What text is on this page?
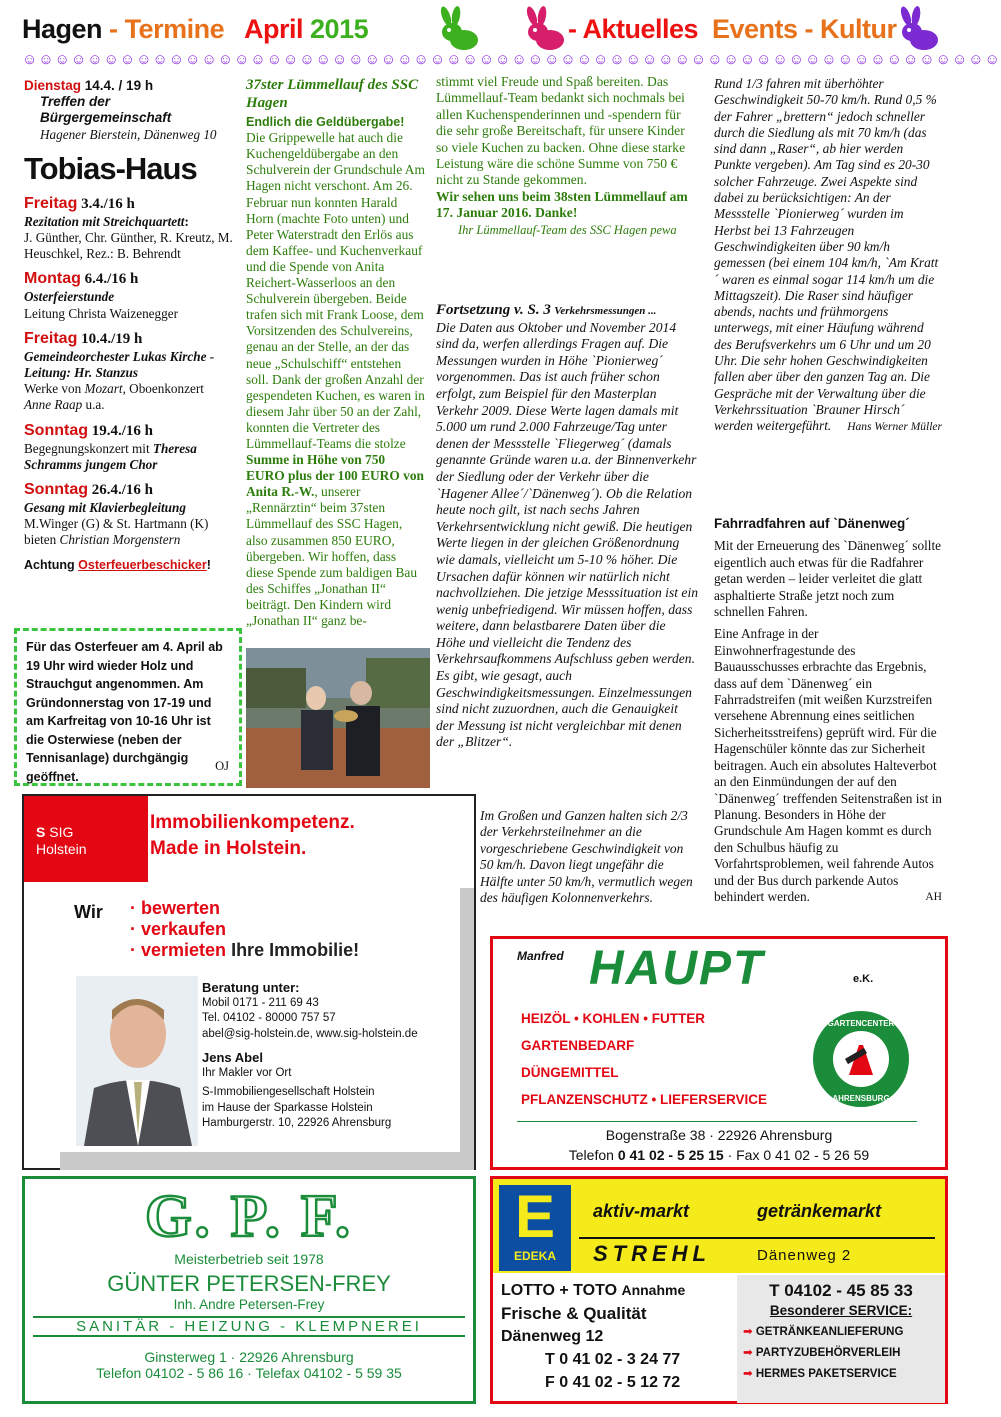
Hagen - Termine April 2015	- Aktuelles Events - Kultur
☺☺☺☺☺☺☺☺☺☺☺☺☺☺☺☺☺☺☺☺☺☺☺☺☺☺☺☺☺☺☺☺☺☺☺☺☺☺☺☺☺☺☺☺☺☺☺☺☺☺☺☺☺☺☺☺☺☺☺☺
Dienstag 14.4. / 19 h
Treffen der Bürgergemeinschaft
Hagener Bierstein, Dänenweg 10
Tobias-Haus
Freitag 3.4./16 h
Rezitation mit Streichquartett:
J. Günther, Chr. Günther, R. Kreutz, M. Heuschkel, Rez.: B. Behrendt
Montag 6.4./16 h
Osterfeierstunde
Leitung Christa Waizenegger
Freitag 10.4./19 h
Gemeindeorchester Lukas Kirche - Leitung: Hr. Stanzus
Werke von Mozart, Oboenkonzert
Anne Raap u.a.
Sonntag 19.4./16 h
Begegnungskonzert mit Theresa Schramms jungem Chor
Sonntag 26.4./16 h
Gesang mit Klavierbegleitung
M.Winger (G) & St. Hartmann (K) bieten Christian Morgenstern
Achtung Osterfeuerbeschicker!
Für das Osterfeuer am 4. April ab 19 Uhr wird wieder Holz und Strauchgut angenommen. Am Gründonnerstag von 17-19 und am Karfreitag von 10-16 Uhr ist die Osterwiese (neben der Tennisanlage) durchgängig geöffnet.
OJ
37ster Lümmellauf des SSC Hagen
Endlich die Geldübergabe!
Die Grippewelle hat auch die Kuchengeldübergabe an den Schulverein der Grundschule Am Hagen nicht verschont. Am 26. Februar nun konnten Harald Horn (machte Foto unten) und Peter Waterstradt den Erlös aus dem Kaffee- und Kuchenverkauf und die Spende von Anita Reichert-Wasserloos an den Schulverein übergeben. Beide trafen sich mit Frank Loose, dem Vorsitzenden des Schulvereins, genau an der Stelle, an der das neue „Schulschiff“ entstehen soll. Dank der großen Anzahl der gespendeten Kuchen, es waren in diesem Jahr über 50 an der Zahl, konnten die Vertreter des Lümmellauf-Teams die stolze Summe in Höhe von 750 EURO plus der 100 EURO von Anita R.-W., unserer „Rennärztin“ beim 37sten Lümmellauf des SSC Hagen, also zusammen 850 EURO, übergeben. Wir hoffen, dass diese Spende zum baldigen Bau des Schiffes „Jonathan II“ beiträgt. Den Kindern wird „Jonathan II“ ganz be-
stimmt viel Freude und Spaß bereiten. Das Lümmellauf-Team bedankt sich nochmals bei allen Kuchenspenderinnen und -spendern für die sehr große Bereitschaft, für unsere Kinder so viele Kuchen zu backen. Ohne diese starke Leistung wäre die schöne Summe von 750 € nicht zu Stande gekommen.
Wir sehen uns beim 38sten Lümmellauf am 17. Januar 2016. Danke!
Ihr Lümmellauf-Team des SSC Hagen pewa
Fortsetzung v. S. 3 Verkehrsmessungen ...
Die Daten aus Oktober und November 2014 sind da, werfen allerdings Fragen auf. Die Messungen wurden in Höhe `Pionierweg´ vorgenommen. Das ist auch früher schon erfolgt, zum Beispiel für den Masterplan Verkehr 2009. Diese Werte lagen damals mit 5.000 um rund 2.000 Fahrzeuge/Tag unter denen der Messstelle `Fliegerweg´ (damals genannte Gründe waren u.a. der Binnenverkehr der Siedlung oder der Verkehr über die `Hagener Allee´/`Dänenweg´). Ob die Relation heute noch gilt, ist nach sechs Jahren Verkehrsentwicklung nicht gewiß. Die heutigen Werte liegen in der gleichen Größenordnung wie damals, vielleicht um 5-10 % höher. Die Ursachen dafür können wir natürlich nicht nachvollziehen. Die jetzige Messsituation ist ein wenig unbefriedigend. Wir müssen hoffen, dass weitere, dann belastbarere Daten über die Höhe und vielleicht die Tendenz des Verkehrsaufkommens Aufschluss geben werden. Es gibt, wie gesagt, auch Geschwindigkeitsmessungen. Einzelmessungen sind nicht zuzuordnen, auch die Genauigkeit der Messung ist nicht vergleichbar mit denen der „Blitzer“.
Im Großen und Ganzen halten sich 2/3 der Verkehrsteilnehmer an die vorgeschriebene Geschwindigkeit von 50 km/h. Davon liegt ungefähr die Hälfte unter 50 km/h, vermutlich wegen des häufigen Kolonnenverkehrs.
Rund 1/3 fahren mit überhöhter Geschwindigkeit 50-70 km/h. Rund 0,5 % der Fahrer „brettern“ jedoch schneller durch die Siedlung als mit 70 km/h (das sind dann „Raser“, ab hier werden Punkte vergeben). Am Tag sind es 20-30 solcher Fahrzeuge. Zwei Aspekte sind dabei zu berücksichtigen: An der Messstelle `Pionierweg´ wurden im Herbst bei 13 Fahrzeugen Geschwindigkeiten über 90 km/h gemessen (bei einem 104 km/h, `Am Kratt´ waren es einmal sogar 114 km/h um die Mittagszeit). Die Raser sind häufiger abends, nachts und frühmorgens unterwegs, mit einer Häufung während des Berufsverkehrs um 6 Uhr und um 20 Uhr. Die sehr hohen Geschwindigkeiten fallen aber über den ganzen Tag an. Die Gespräche mit der Verwaltung über die Verkehrssituation `Brauner Hirsch´ werden weitergeführt.	Hans Werner Müller
Fahrradfahren auf `Dänenweg´
Mit der Erneuerung des `Dänenweg´ sollte eigentlich auch etwas für die Radfahrer getan werden – leider verleitet die glatt asphaltierte Straße jetzt noch zum schnellen Fahren.
Eine Anfrage in der Einwohnerfragestunde des Bauausschusses erbrachte das Ergebnis, dass auf dem `Dänenweg´ ein Fahrradstreifen (mit weißen Kurzstreifen versehene Abrennung eines seitlichen Sicherheitsstreifens) geprüft wird. Für die Hagenschüler könnte das zur Sicherheit beitragen. Auch ein absolutes Halteverbot an den Einmündungen der auf den `Dänenweg´ treffenden Seitenstraßen ist in Planung. Besonders in Höhe der Grundschule Am Hagen kommt es durch den Schulbus häufig zu Vorfahrtsproblemen, weil fahrende Autos und der Bus durch parkende Autos behindert werden.	AH
S SIG
Holstein
Immobilienkompetenz.
Made in Holstein.
Wir · bewerten
· verkaufen
· vermieten Ihre Immobilie!
Beratung unter:
Mobil 0171 - 211 69 43
Tel. 04102 - 80000 757 57
abel@sig-holstein.de, www.sig-holstein.de
Jens Abel
Ihr Makler vor Ort
S-Immobiliengesellschaft Holstein
im Hause der Sparkasse Holstein
Hamburgerstr. 10, 22926 Ahrensburg
Manfred HAUPT	e.K.
HEIZÖL • KOHLEN • FUTTER
GARTENBEDARF
DÜNGEMITTEL
PFLANZENSCHUTZ • LIEFERSERVICE
GARTENCENTER
AHRENSBURG
Bogenstraße 38 · 22926 Ahrensburg
Telefon 0 41 02 - 5 25 15 · Fax 0 41 02 - 5 26 59
G. P. F.
Meisterbetrieb seit 1978
GÜNTER PETERSEN-FREY
Inh. Andre Petersen-Frey
SANITÄR - HEIZUNG - KLEMPNEREI
Ginsterweg 1 · 22926 Ahrensburg
Telefon 04102 - 5 86 16 · Telefax 04102 - 5 59 35
E
EDEKA
aktiv-markt	getränkemarkt
STREHL	Dänenweg 2
LOTTO + TOTO Annahme
Frische & Qualität
Dänenweg 12
T 0 41 02 - 3 24 77
F 0 41 02 - 5 12 72
T 04102 - 45 85 33
Besonderer SERVICE:
➡ GETRÄNKEANLIEFERUNG
➡ PARTYZUBEHÖRVERLEIH
➡ HERMES PAKETSERVICE
